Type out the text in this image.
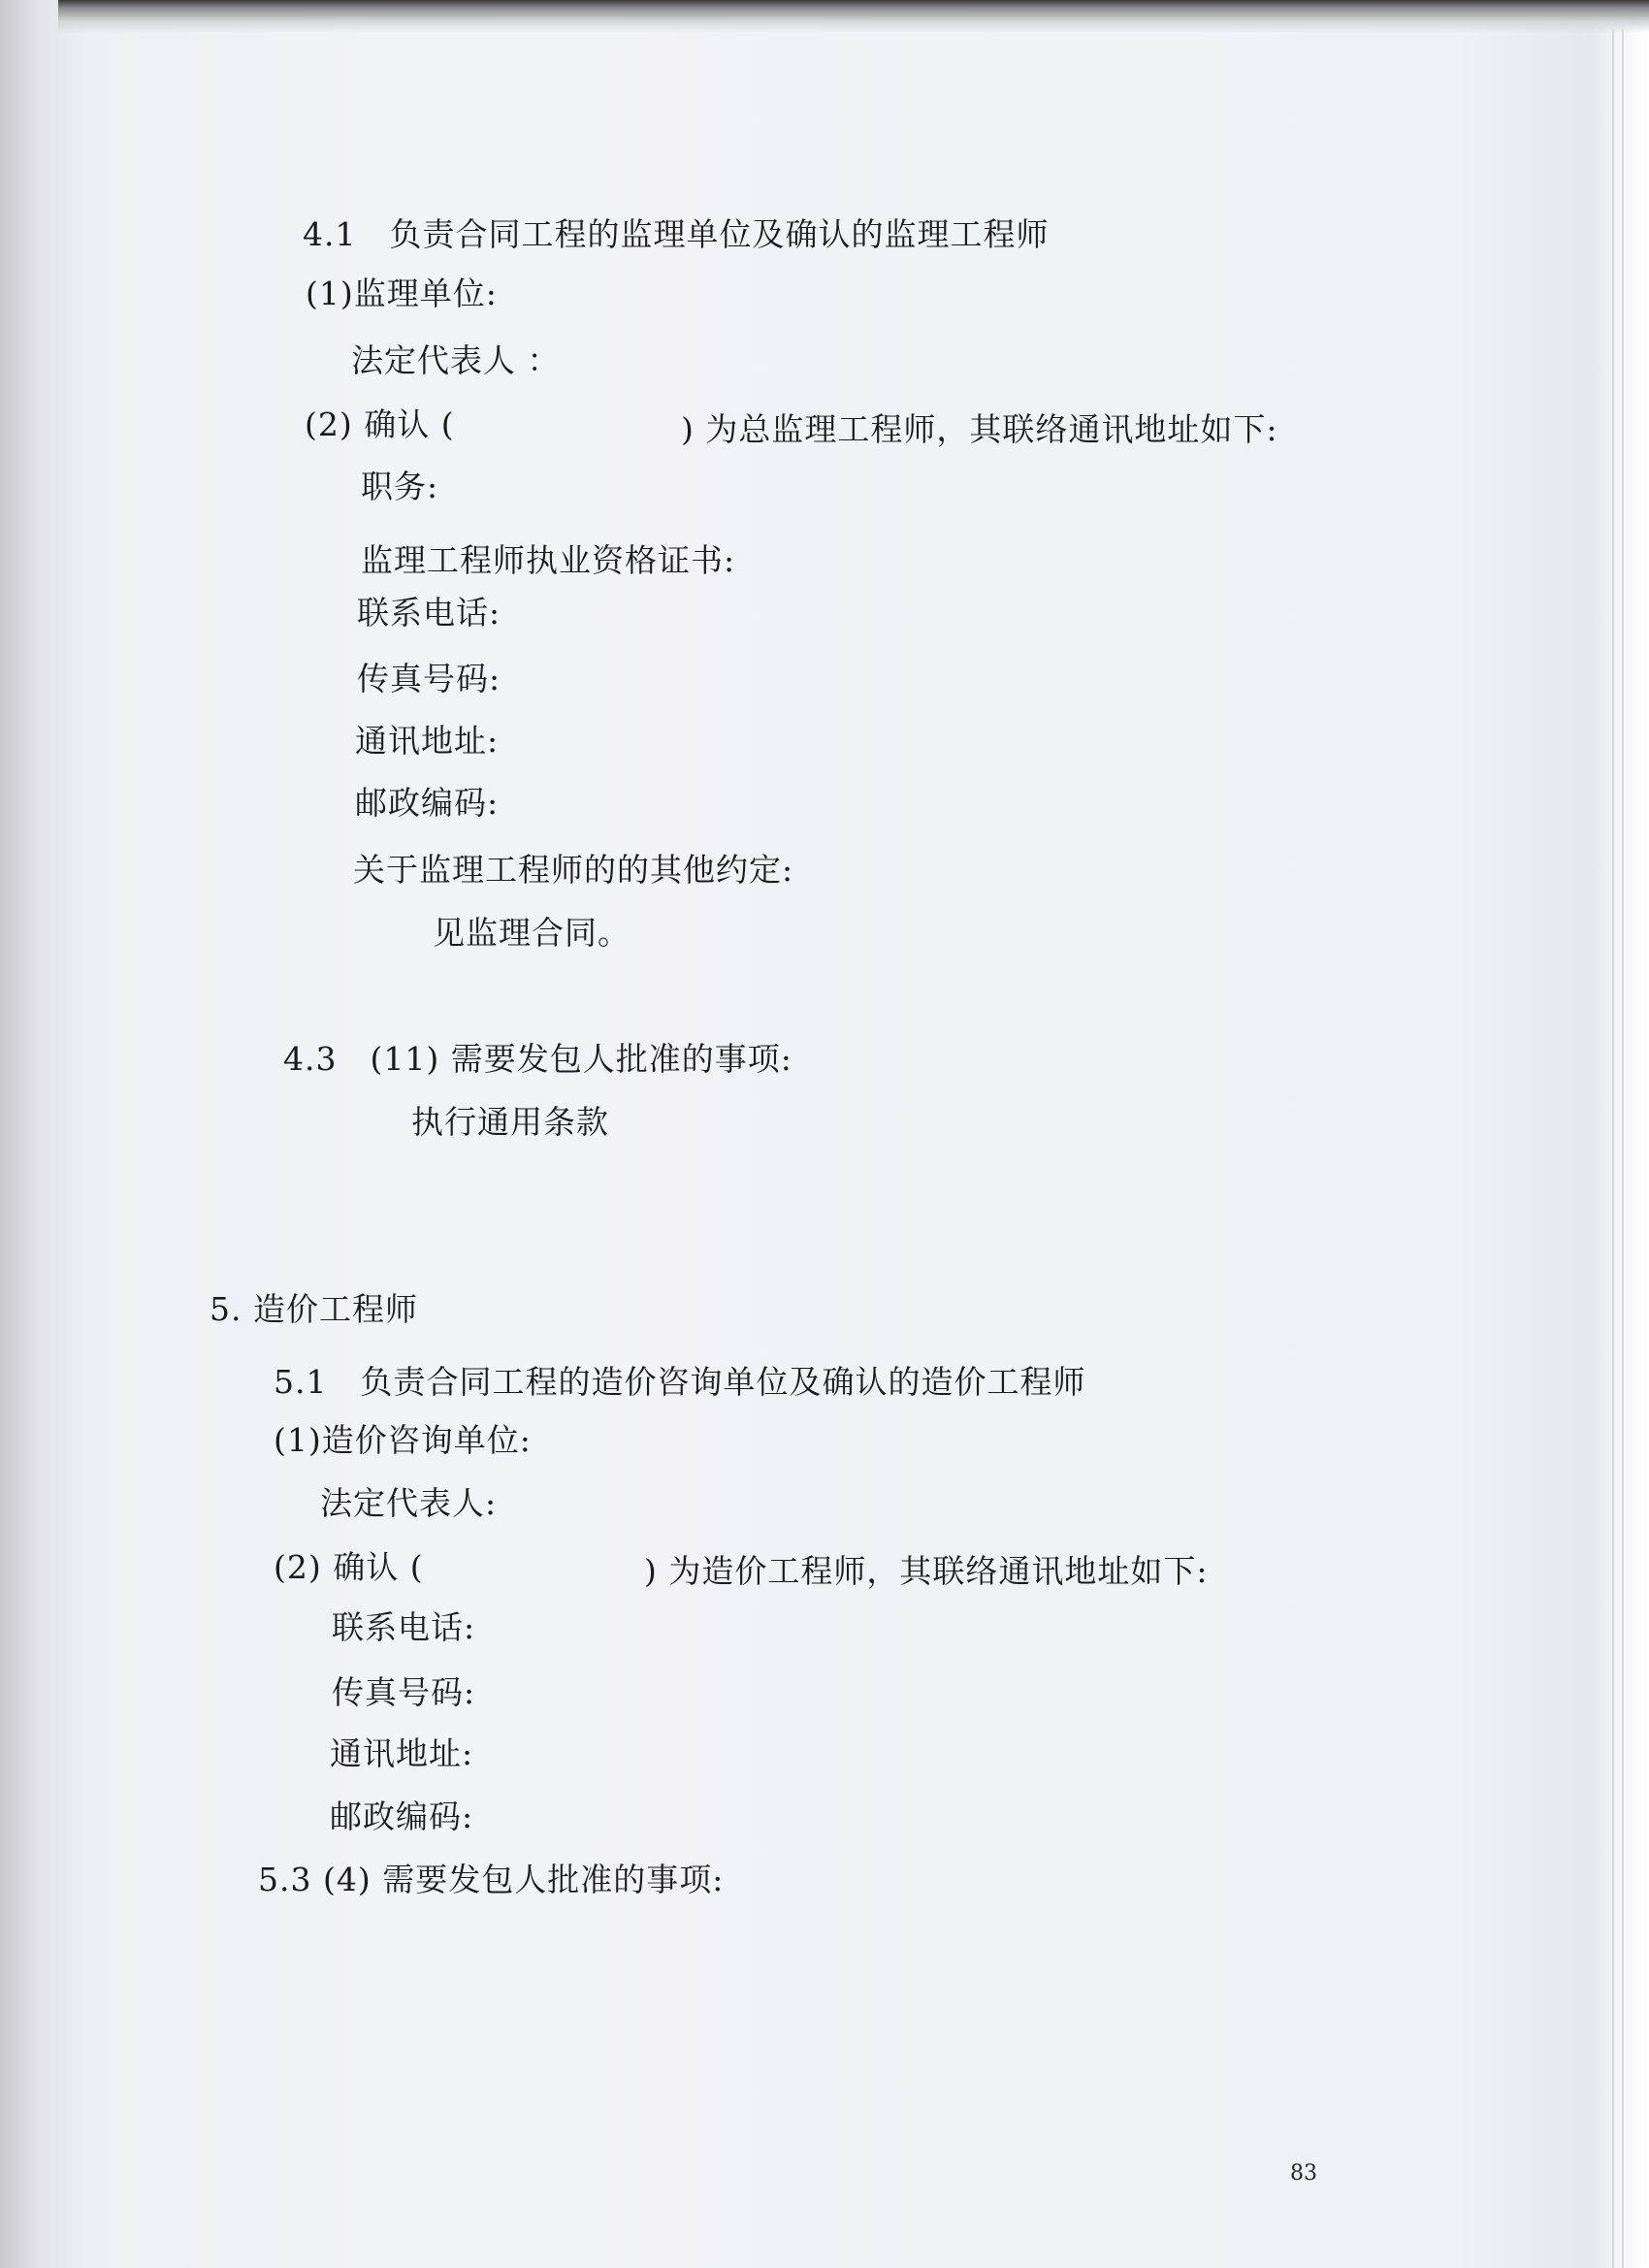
4.1　负责合同工程的监理单位及确认的监理工程师
(1)监理单位:
法定代表人 ：
(2) 确认 (	) 为总监理工程师，其联络通讯地址如下:
职务:
监理工程师执业资格证书:
联系电话:
传真号码:
通讯地址:
邮政编码:
关于监理工程师的的其他约定:
见监理合同。
4.3　(11) 需要发包人批准的事项:
执行通用条款
5. 造价工程师
5.1　负责合同工程的造价咨询单位及确认的造价工程师
(1)造价咨询单位:
法定代表人:
(2) 确认 (	) 为造价工程师，其联络通讯地址如下:
联系电话:
传真号码:
通讯地址:
邮政编码:
5.3 (4) 需要发包人批准的事项:
83
